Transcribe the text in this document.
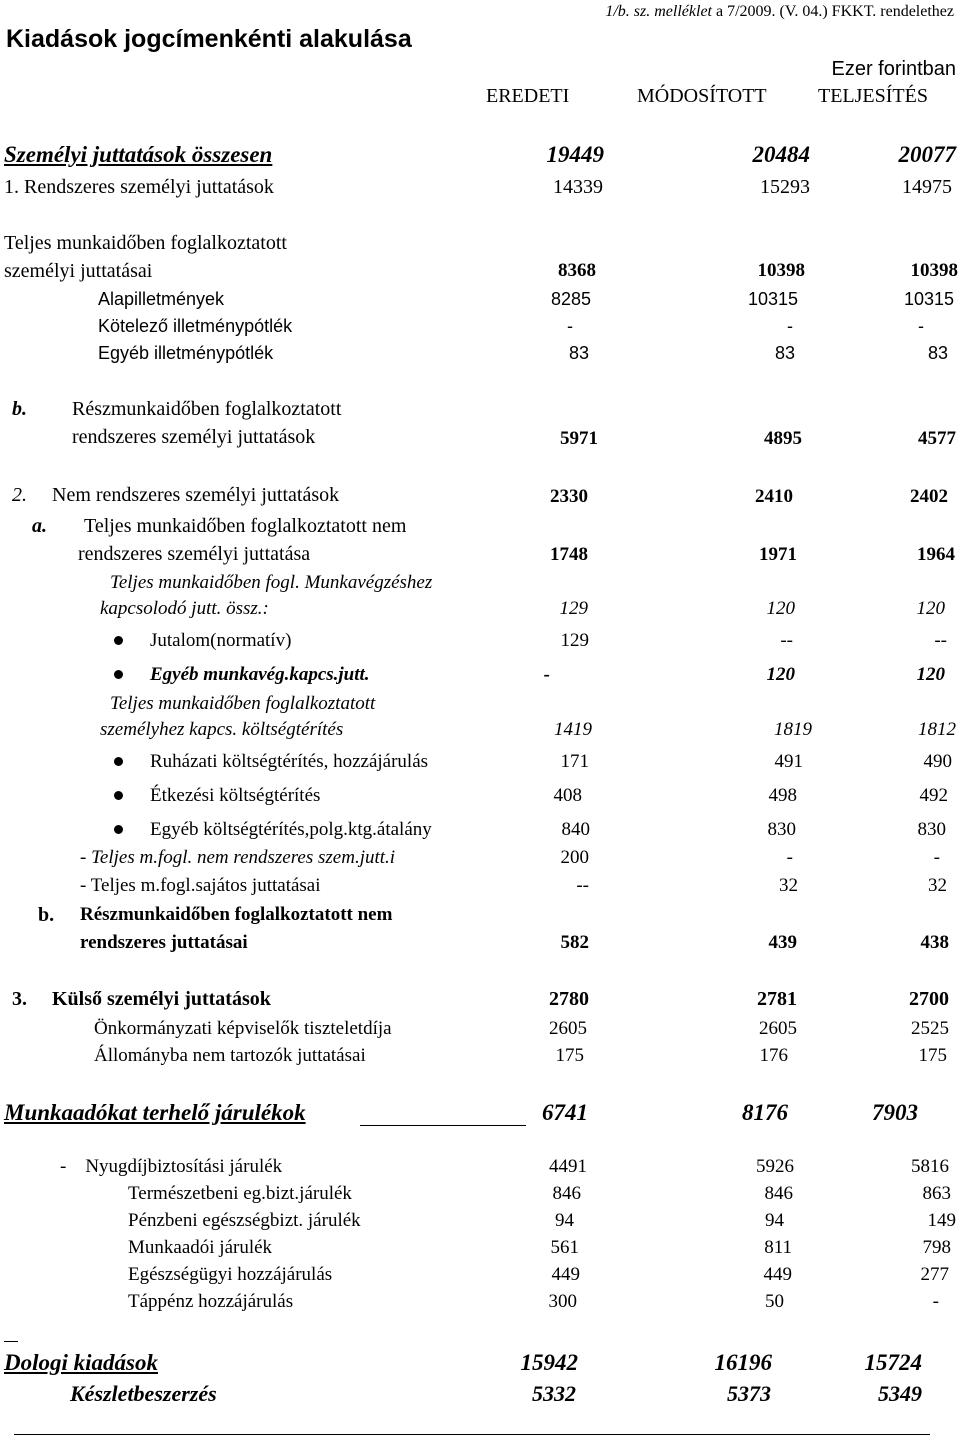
Kiadások jogcímenkénti alakulása
1/b. sz. melléklet a 7/2009. (V. 04.) FKKT. rendelethez
Ezer forintban
EREDETI	MÓDOSÍTOTT	TELJESÍTÉS
Személyi juttatások összesen	19449	20484	20077
1. Rendszeres személyi juttatások	14339	15293	14975
Teljes munkaidőben foglalkoztatott
személyi juttatásai	8368	10398	10398
Alapilletmények	8285	10315	10315
Kötelező illetménypótlék	-	-	-
Egyéb illetménypótlék	83	83	83
b. Részmunkaidőben foglalkoztatott
rendszeres személyi juttatások	5971	4895	4577
2. Nem rendszeres személyi juttatások	2330	2410	2402
a. Teljes munkaidőben foglalkoztatott nem
rendszeres személyi juttatása	1748	1971	1964
Teljes munkaidőben fogl. Munkavégzéshez
kapcsolodó jutt. össz.:	129	120	120
Jutalom(normatív)	129	--	--
Egyéb munkavég.kapcs.jutt.	-	120	120
Teljes munkaidőben foglalkoztatott
személyhez kapcs. költségtérítés	1419	1819	1812
Ruházati költségtérítés, hozzájárulás	171	491	490
Étkezési költségtérítés	408	498	492
Egyéb költségtérítés,polg.ktg.átalány	840	830	830
- Teljes m.fogl. nem rendszeres szem.jutt.i	200	-	-
- Teljes m.fogl.sajátos juttatásai	--	32	32
b. Részmunkaidőben foglalkoztatott nem
rendszeres juttatásai	582	439	438
3. Külső személyi juttatások	2780	2781	2700
Önkormányzati képviselők tiszteletdíja	2605	2605	2525
Állományba nem tartozók juttatásai	175	176	175
Munkaadókat terhelő járulékok	6741	8176	7903
-    Nyugdíjbiztosítási járulék	4491	5926	5816
Természetbeni eg.bizt.járulék	846	846	863
Pénzbeni egészségbizt. járulék	94	94	149
Munkaadói járulék	561	811	798
Egészségügyi hozzájárulás	449	449	277
Táppénz hozzájárulás	300	50	-
Dologi kiadások	15942	16196	15724
Készletbeszerzés	5332	5373	5349
